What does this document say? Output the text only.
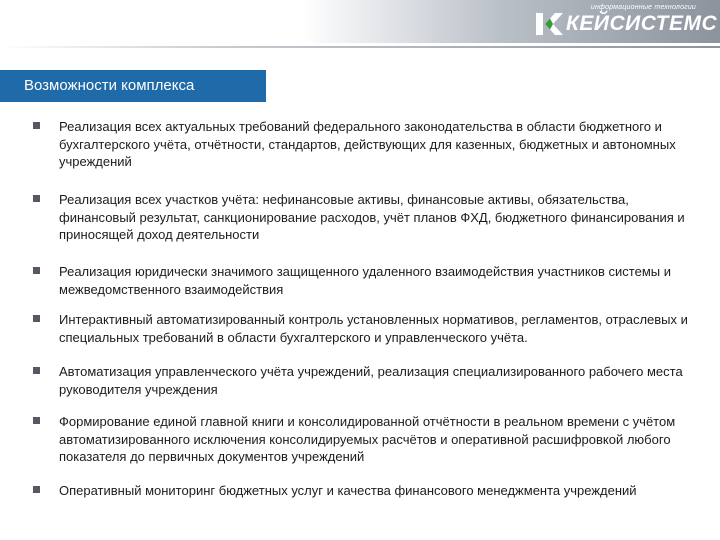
информационные технологии
КЕЙСИСТЕМС
Возможности комплекса
Реализация всех актуальных требований федерального законодательства в области бюджетного и бухгалтерского учёта, отчётности, стандартов, действующих для казенных, бюджетных и автономных учреждений
Реализация всех участков учёта: нефинансовые активы, финансовые активы, обязательства, финансовый результат, санкционирование расходов, учёт планов ФХД, бюджетного финансирования и приносящей доход деятельности
Реализация юридически значимого защищенного удаленного взаимодействия участников системы и межведомственного взаимодействия
Интерактивный автоматизированный контроль установленных нормативов, регламентов, отраслевых и специальных требований в области бухгалтерского и управленческого учёта.
Автоматизация управленческого учёта учреждений, реализация специализированного рабочего места руководителя учреждения
Формирование единой главной книги и консолидированной отчётности в реальном времени с учётом автоматизированного исключения консолидируемых расчётов и оперативной расшифровкой любого показателя до первичных документов учреждений
Оперативный мониторинг бюджетных услуг и качества финансового менеджмента учреждений
